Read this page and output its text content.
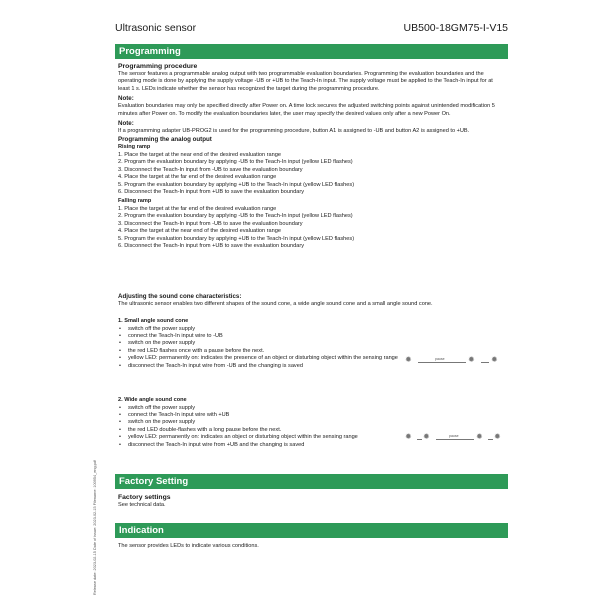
Ultrasonic sensor	UB500-18GM75-I-V15
Programming
Programming procedure

The sensor features a programmable analog output with two programmable evaluation boundaries. Programming the evaluation boundaries and the operating mode is done by applying the supply voltage -UB or +UB to the Teach-In input. The supply voltage must be applied to the Teach-In input for at least 1 s. LEDs indicate whether the sensor has recognized the target during the programming procedure.

Note:

Evaluation boundaries may only be specified directly after Power on. A time lock secures the adjusted switching points against unintended modification 5 minutes after Power on. To modify the evaluation boundaries later, the user may specify the desired values only after a new Power On.

Note:

If a programming adapter UB-PROG2 is used for the programming procedure, button A1 is assigned to -UB and button A2 is assigned to +UB.

Programming the analog output
Rising ramp
1. Place the target at the near end of the desired evaluation range
2. Program the evaluation boundary by applying -UB to the Teach-In input (yellow LED flashes)
3. Disconnect the Teach-In input from -UB to save the evaluation boundary
4. Place the target at the far end of the desired evaluation range
5. Program the evaluation boundary by applying +UB to the Teach-In input (yellow LED flashes)
6. Disconnect the Teach-In input from +UB to save the evaluation boundary
Falling ramp
1. Place the target at the far end of the desired evaluation range
2. Program the evaluation boundary by applying -UB to the Teach-In input (yellow LED flashes)
3. Disconnect the Teach-In input from -UB to save the evaluation boundary
4. Place the target at the near end of the desired evaluation range
5. Program the evaluation boundary by applying +UB to the Teach-In input (yellow LED flashes)
6. Disconnect the Teach-In input from +UB to save the evaluation boundary
Adjusting the sound cone characteristics:

The ultrasonic sensor enables two different shapes of the sound cone, a wide angle sound cone and a small angle sound cone.

1. Small angle sound cone
• switch off the power supply
• connect the Teach-In input wire to -UB
• switch on the power supply
• the red LED flashes once with a pause before the next.
• yellow LED: permanently on: indicates the presence of an object or disturbing object within the sensing range
• disconnect the Teach-In input wire from -UB and the changing is saved
✹	pause	✹ ✹
2. Wide angle sound cone
• switch off the power supply
• connect the Teach-In input wire with +UB
• switch on the power supply
• the red LED double-flashes with a long pause before the next.
• yellow LED: permanently on: indicates an object or disturbing object within the sensing range
• disconnect the Teach-In input wire from +UB and the changing is saved
✹ ✹	pause ✹ ✹
Factory Setting
Factory settings

See technical data.

Indication

The sensor provides LEDs to indicate various conditions.

Release date: 2023-02-15 Date of issue: 2023-02-15 Filename: 100954_eng.pdf
